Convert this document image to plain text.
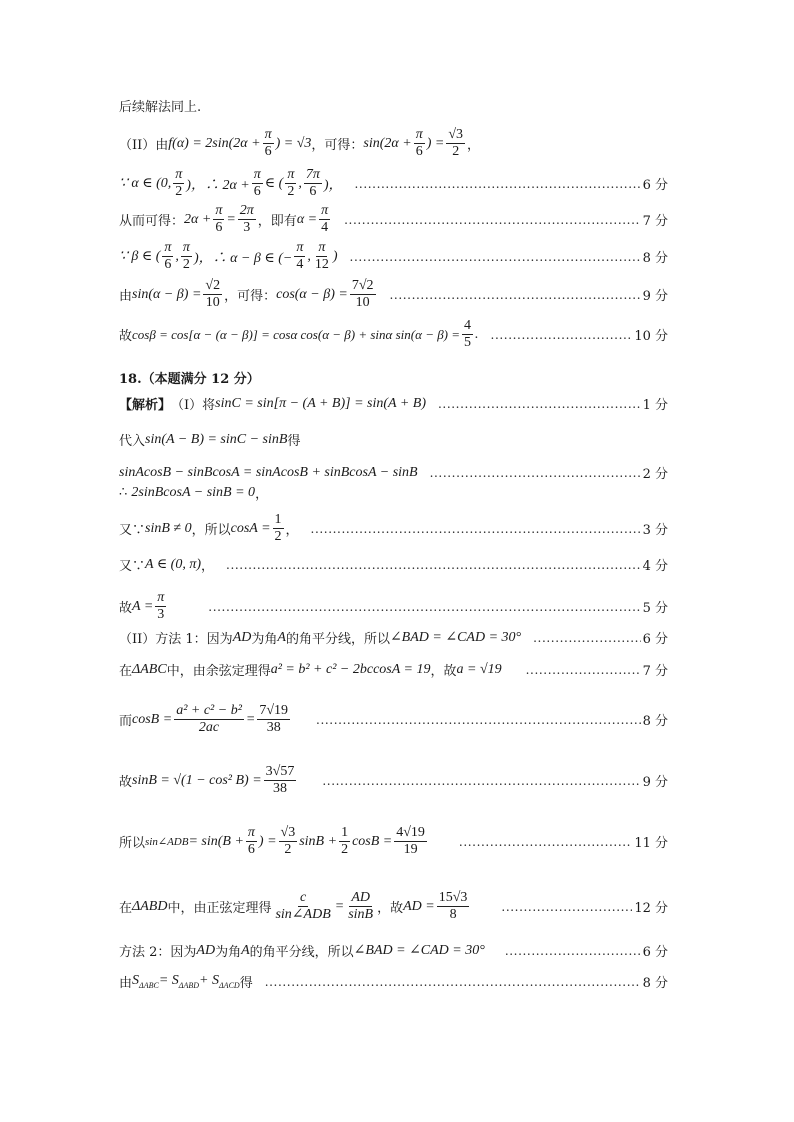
后续解法同上.
（II）由 $f(\alpha) = 2\sin(2\alpha + \frac{\pi}{6}$ ) = √3 ，可得： $\sin(2\alpha + \frac{\pi}{6}$ ) = $\frac{√3}{2}$ ，
∵ α ∈ (0,
π
2 )，∴ $2\alpha + \frac{\pi}{6}$ ∈ (
π
2
,
7π
6 )， .....	6 分
从而可得： $2\alpha + \frac{\pi}{6} = \frac{2\pi}{3}$ ，即有 $\alpha = \frac{\pi}{4}$ .....	7 分
∵ β ∈ (
π
6
,
π
2 )，∴ α − β ∈ (− $\frac{\pi}{4}$ ,
π
12
) .....	8 分
由 $\sin(\alpha - \beta) = \frac{√2}{10}$ ，可得： $\cos(\alpha - \beta) = \frac{7√2}{10}$ .....	9 分
故 cosβ = cos[α − (α − β)] = cosα cos(α − β) + sinα $\sin(\alpha - \beta) = \frac{4}{5}$ . .....	10 分
18.（本题满分 12 分）
【解析】 （I）将 sinC = sin[π − (A + B)] = sin(A + B) .....	1 分
代入 sin(A − B) = sinC − sinB 得
sinAcosB − sinBcosA = sinAcosB + sinBcosA − sinB .....	2 分
∴
2sinBcosA − sinB = 0 ，
又∵ sinB ≠ 0 ，所以 $\cos A = \frac{1}{2}$ ， .....	3 分
又∵ A ∈ (0, π) ， .....	4 分
故 $A = \frac{\pi}{3}$ .....	5 分
（II）方法 1：因为 AD 为角 A 的角平分线，所以 ∠BAD = ∠CAD = 30° .....	6 分
在 ΔABC 中，由余弦定理得 a² = b² + c² − 2bccosA = 19 ，故 a = √19 .....	7 分
而 $\cos B = \frac{\text{a² + c² − b²}}{2ac} = \frac{7√19}{38}$ .....	8 分
故 sinB = √(1 − cos² $B) = \frac{3√57}{38}$ .....	9 分
所以 sin∠ADB = $\sin(B + \frac{\pi}{6}$ ) = $\frac{√3}{2}$ $\sin B + \frac{1}{2}$ $\cos B = \frac{4√19}{19}$ .....	11 分
在 ΔABD 中，由正弦定理得
c
sin∠ADB
= $\frac{AD}{\sin B}$ ，故 AD = $\frac{15√3}{8}$ .....	12 分
方法 2：因为 AD 为角 A 的角平分线，所以 ∠BAD = ∠CAD = 30° .....	6 分
由 $S_{\Delta ABC} = S_{\Delta ABD} + S_{\Delta ACD}$ 得 .....	8 分
